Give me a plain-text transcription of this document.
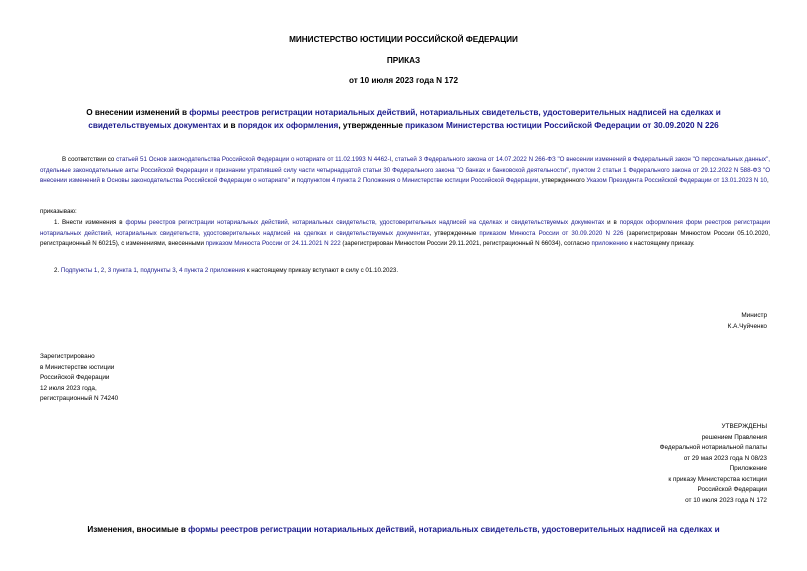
МИНИСТЕРСТВО ЮСТИЦИИ РОССИЙСКОЙ ФЕДЕРАЦИИ
ПРИКАЗ
от 10 июля 2023 года N 172
О внесении изменений в формы реестров регистрации нотариальных действий, нотариальных свидетельств, удостоверительных надписей на сделках и свидетельствуемых документах и в порядок их оформления, утвержденные приказом Министерства юстиции Российской Федерации от 30.09.2020 N 226

В соответствии со статьей 51 Основ законодательства Российской Федерации о нотариате от 11.02.1993 N 4462-I, статьей 3 Федерального закона от 14.07.2022 N 266-ФЗ "О внесении изменений в Федеральный закон "О персональных данных", отдельные законодательные акты Российской Федерации и признании утратившей силу части четырнадцатой статьи 30 Федерального закона "О банках и банковской деятельности", пунктом 2 статьи 1 Федерального закона от 29.12.2022 N 588-ФЗ "О внесении изменений в Основы законодательства Российской Федерации о нотариате" и подпунктом 4 пункта 2 Положения о Министерстве юстиции Российской Федерации, утвержденного Указом Президента Российской Федерации от 13.01.2023 N 10,

приказываю:

1. Внести изменения в формы реестров регистрации нотариальных действий, нотариальных свидетельств, удостоверительных надписей на сделках и свидетельствуемых документах и в порядок оформления форм реестров регистрации нотариальных действий, нотариальных свидетельств, удостоверительных надписей на сделках и свидетельствуемых документах, утвержденные приказом Минюста России от 30.09.2020 N 226 (зарегистрирован Минюстом России 05.10.2020, регистрационный N 60215), с изменениями, внесенными приказом Минюста России от 24.11.2021 N 222 (зарегистрирован Минюстом России 29.11.2021, регистрационный N 66034), согласно приложению к настоящему приказу.

2. Подпункты 1, 2, 3 пункта 1, подпункты 3, 4 пункта 2 приложения к настоящему приказу вступают в силу с 01.10.2023.

Министр
К.А.Чуйченко
Зарегистрировано
в Министерстве юстиции
Российской Федерации
12 июля 2023 года,
регистрационный N 74240
УТВЕРЖДЕНЫ
решением Правления
Федеральной нотариальной палаты
от 29 мая 2023 года N 08/23
Приложение
к приказу Министерства юстиции
Российской Федерации
от 10 июля 2023 года N 172
Изменения, вносимые в формы реестров регистрации нотариальных действий, нотариальных свидетельств, удостоверительных надписей на сделках и
